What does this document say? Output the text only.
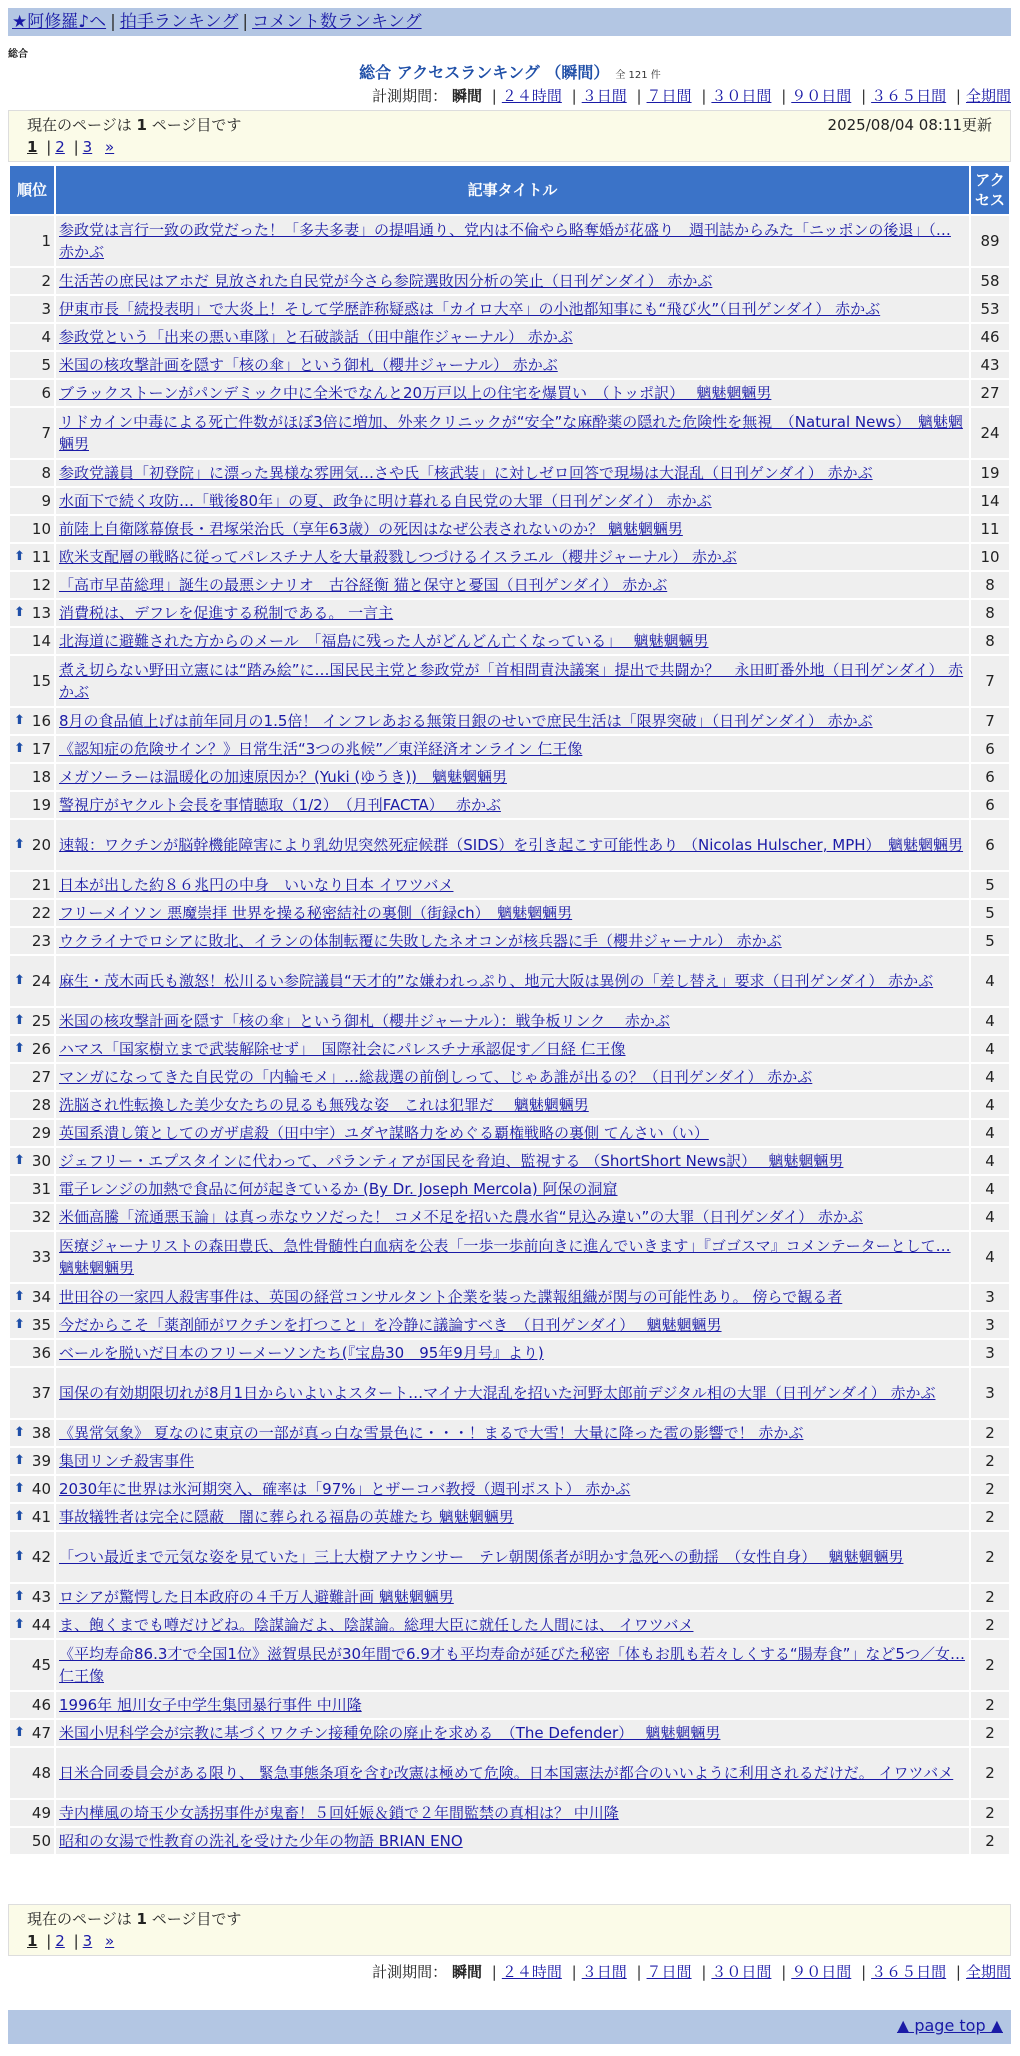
★阿修羅♪ヘ | 拍手ランキング | コメント数ランキング
総合
総合 アクセスランキング （瞬間） 全 121 件
計測期間： 瞬間 | ２４時間 | ３日間 | ７日間 | ３０日間 | ９０日間 | ３６５日間 | 全期間
現在のページは 1 ページ目です	2025/08/04 08:11更新
1 | 2 | 3 »
順位	記事タイトル	アクセス
1	参政党は言行一致の政党だった！「多夫多妻」の提唱通り、党内は不倫やら略奪婚が花盛り　週刊誌からみた「ニッポンの後退」（… 赤かぶ	89
2	生活苦の庶民はアホだ 見放された自民党が今さら参院選敗因分析の笑止（日刊ゲンダイ） 赤かぶ	58
3	伊東市長「続投表明」で大炎上！そして学歴詐称疑惑は「カイロ大卒」の小池都知事にも“飛び火”（日刊ゲンダイ） 赤かぶ	53
4	参政党という「出来の悪い車隊」と石破談話（田中龍作ジャーナル） 赤かぶ	46
5	米国の核攻撃計画を隠す「核の傘」という御札（櫻井ジャーナル） 赤かぶ	43
6	ブラックストーンがパンデミック中に全米でなんと20万戸以上の住宅を爆買い　（トッポ訳）　 魑魅魍魎男	27
7	リドカイン中毒による死亡件数がほぼ3倍に増加、外来クリニックが“安全”な麻酔薬の隠れた危険性を無視　（Natural News）　魑魅魍魎男	24
8	参政党議員「初登院」に漂った異様な雰囲気…さや氏「核武装」に対しゼロ回答で現場は大混乱（日刊ゲンダイ） 赤かぶ	19
9	水面下で続く攻防…「戦後80年」の夏、政争に明け暮れる自民党の大罪（日刊ゲンダイ） 赤かぶ	14
10	前陸上自衛隊幕僚長・君塚栄治氏（享年63歳）の死因はなぜ公表されないのか？ 魑魅魍魎男	11

⬆ 11	欧米支配層の戦略に従ってパレスチナ人を大量殺戮しつづけるイスラエル（櫻井ジャーナル） 赤かぶ	10
12	「高市早苗総理」誕生の最悪シナリオ　古谷経衡 猫と保守と憂国（日刊ゲンダイ） 赤かぶ	8

⬆ 13	消費税は、デフレを促進する税制である。 一言主	8
14	北海道に避難された方からのメール　「福島に残った人がどんどん亡くなっている」　 魑魅魍魎男	8
15	煮え切らない野田立憲には“踏み絵”に…国民民主党と参政党が「首相問責決議案」提出で共闘か？　永田町番外地（日刊ゲンダイ） 赤かぶ	7

⬆ 16	8月の食品値上げは前年同月の1.5倍！ インフレあおる無策日銀のせいで庶民生活は「限界突破」（日刊ゲンダイ） 赤かぶ	7

⬆ 17	《認知症の危険サイン？》日常生活“3つの兆候”／東洋経済オンライン 仁王像	6
18	メガソーラーは温暖化の加速原因か？(Yuki (ゆうき))　魑魅魍魎男	6
19	警視庁がヤクルト会長を事情聴取（1/2）　（月刊FACTA）　 赤かぶ	6

⬆ 20	速報：ワクチンが脳幹機能障害により乳幼児突然死症候群（SIDS）を引き起こす可能性あり （Nicolas Hulscher, MPH）　魑魅魍魎男	6
21	日本が出した約８６兆円の中身　いいなり日本 イワツバメ	5
22	フリーメイソン 悪魔崇拝 世界を操る秘密結社の裏側（街録ch）　魑魅魍魎男	5
23	ウクライナでロシアに敗北、イランの体制転覆に失敗したネオコンが核兵器に手（櫻井ジャーナル） 赤かぶ	5

⬆ 24	麻生・茂木両氏も激怒！松川るい参院議員“天才的”な嫌われっぷり、地元大阪は異例の「差し替え」要求（日刊ゲンダイ） 赤かぶ	4

⬆ 25	米国の核攻撃計画を隠す「核の傘」という御札（櫻井ジャーナル）：戦争板リンク　 赤かぶ	4

⬆ 26	ハマス「国家樹立まで武装解除せず」　国際社会にパレスチナ承認促す／日経 仁王像	4
27	マンガになってきた自民党の「内輪モメ」…総裁選の前倒しって、じゃあ誰が出るの？（日刊ゲンダイ） 赤かぶ	4
28	洗脳され性転換した美少女たちの見るも無残な姿　これは犯罪だ　 魑魅魍魎男	4
29	英国系潰し策としてのガザ虐殺（田中宇）ユダヤ謀略力をめぐる覇権戦略の裏側 てんさい（い）	4

⬆ 30	ジェフリー・エプスタインに代わって、パランティアが国民を脅迫、監視する （ShortShort News訳）　 魑魅魍魎男	4
31	電子レンジの加熱で食品に何が起きているか (By Dr. Joseph Mercola) 阿保の洞窟	4
32	米価高騰「流通悪玉論」は真っ赤なウソだった！ コメ不足を招いた農水省“見込み違い”の大罪（日刊ゲンダイ） 赤かぶ	4
33	医療ジャーナリストの森田豊氏、急性骨髄性白血病を公表「一歩一歩前向きに進んでいきます」『ゴゴスマ』コメンテーターとして… 魑魅魍魎男	4

⬆ 34	世田谷の一家四人殺害事件は、英国の経営コンサルタント企業を装った諜報組織が関与の可能性あり。 傍らで観る者	3

⬆ 35	今だからこそ「薬剤師がワクチンを打つこと」を冷静に議論すべき　（日刊ゲンダイ）　 魑魅魍魎男	3
36	ベールを脱いだ日本のフリーメーソンたち(『宝島30　95年9月号』より)	3
37	国保の有効期限切れが8月1日からいよいよスタート…マイナ大混乱を招いた河野太郎前デジタル相の大罪（日刊ゲンダイ） 赤かぶ	3

⬆ 38	《異常気象》 夏なのに東京の一部が真っ白な雪景色に・・・！まるで大雪！大量に降った雹の影響で！ 赤かぶ	2

⬆ 39	集団リンチ殺害事件	2

⬆ 40	2030年に世界は氷河期突入、確率は「97%」とザーコバ教授（週刊ポスト） 赤かぶ	2

⬆ 41	事故犠牲者は完全に隠蔽　闇に葬られる福島の英雄たち 魑魅魍魎男	2

⬆ 42	「つい最近まで元気な姿を見ていた」三上大樹アナウンサー　テレ朝関係者が明かす急死への動揺　（女性自身）　 魑魅魍魎男	2

⬆ 43	ロシアが驚愕した日本政府の４千万人避難計画 魑魅魍魎男	2

⬆ 44	ま、飽くまでも噂だけどね。陰謀論だよ、陰謀論。総理大臣に就任した人間には、 イワツバメ	2
45	《平均寿命86.3才で全国1位》滋賀県民が30年間で6.9才も平均寿命が延びた秘密「体もお肌も若々しくする“腸寿食”」など5つ／女… 仁王像	2
46	1996年 旭川女子中学生集団暴行事件 中川隆	2

⬆ 47	米国小児科学会が宗教に基づくワクチン接種免除の廃止を求める　（The Defender）　 魑魅魍魎男	2
48	日米合同委員会がある限り、 緊急事態条項を含む改憲は極めて危険。日本国憲法が都合のいいように利用されるだけだ。 イワツバメ	2
49	寺内樺風の埼玉少女誘拐事件が鬼畜！５回妊娠＆鎖で２年間監禁の真相は？ 中川隆	2
50	昭和の女湯で性教育の洗礼を受けた少年の物語 BRIAN ENO	2
現在のページは 1 ページ目です
1 | 2 | 3 »
計測期間： 瞬間 | ２４時間 | ３日間 | ７日間 | ３０日間 | ９０日間 | ３６５日間 | 全期間
▲ page top ▲
